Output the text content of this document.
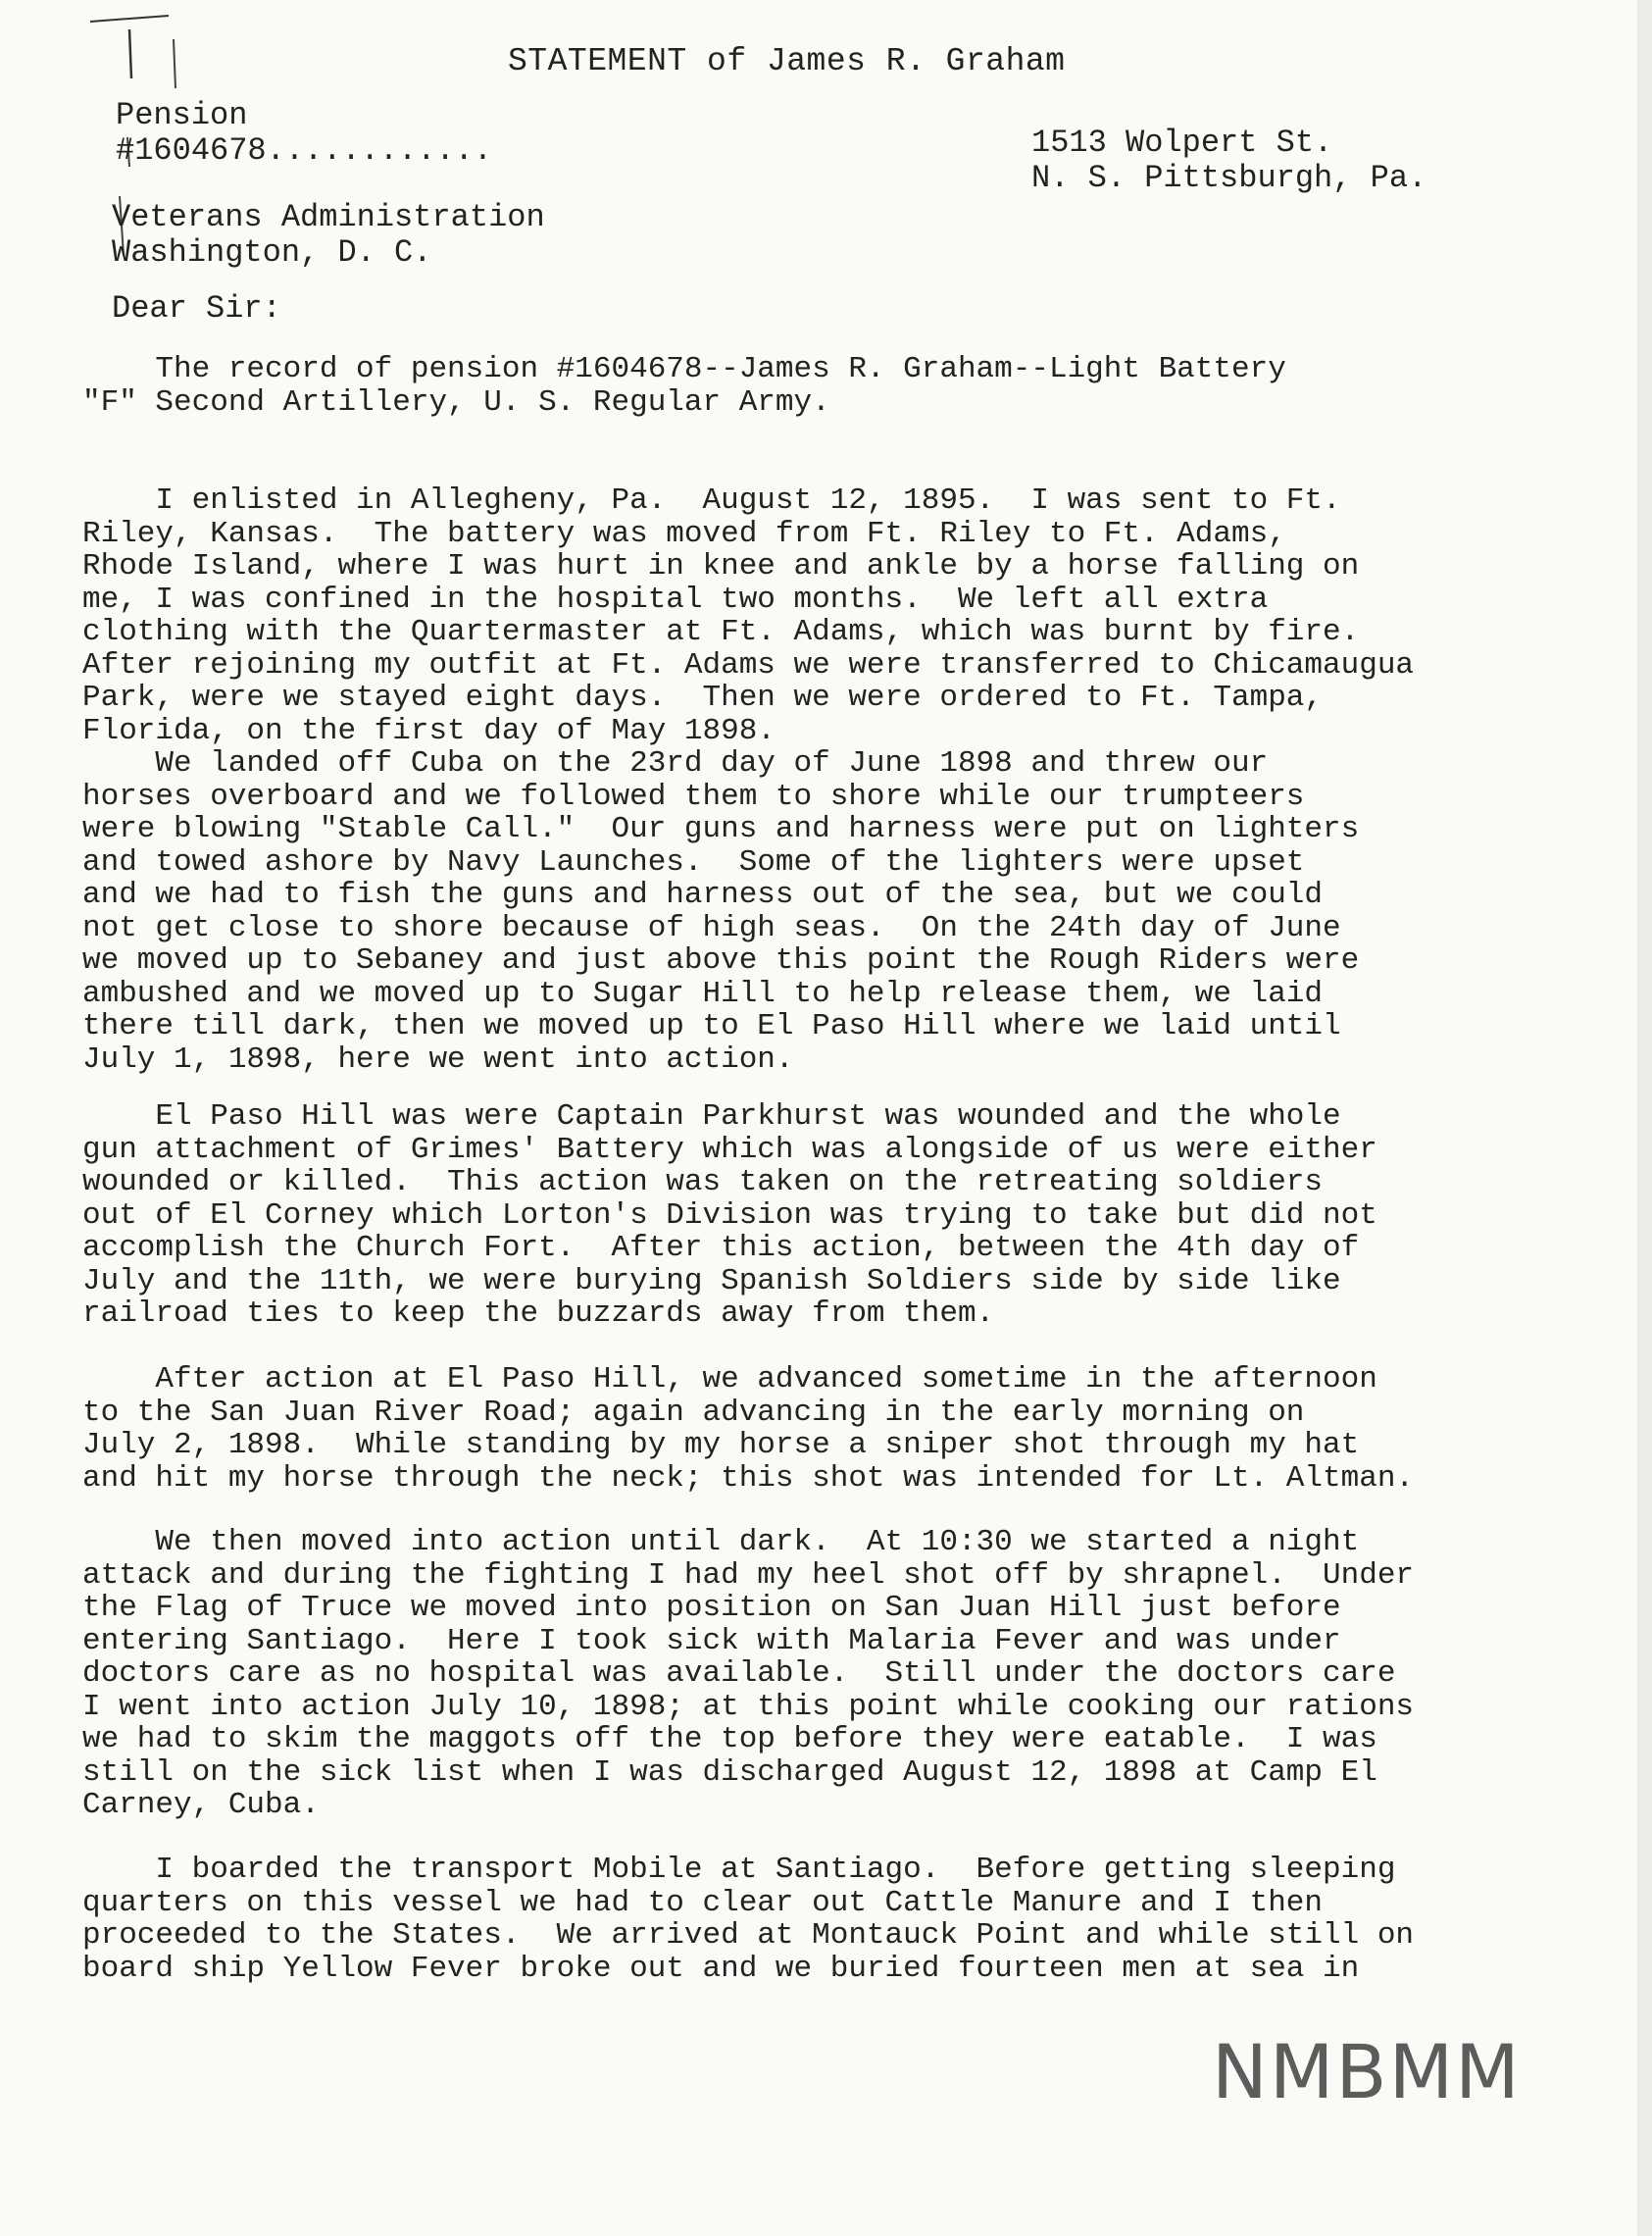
STATEMENT of James R. Graham
Pension
#1604678............	1513 Wolpert St.
N. S. Pittsburgh, Pa.
Veterans Administration
Washington, D. C.
Dear Sir:
The record of pension #1604678--James R. Graham--Light Battery
"F" Second Artillery, U. S. Regular Army.
I enlisted in Allegheny, Pa.  August 12, 1895.  I was sent to Ft.
Riley, Kansas.  The battery was moved from Ft. Riley to Ft. Adams,
Rhode Island, where I was hurt in knee and ankle by a horse falling on
me, I was confined in the hospital two months.  We left all extra
clothing with the Quartermaster at Ft. Adams, which was burnt by fire.
After rejoining my outfit at Ft. Adams we were transferred to Chicamaugua
Park, were we stayed eight days.  Then we were ordered to Ft. Tampa,
Florida, on the first day of May 1898.
We landed off Cuba on the 23rd day of June 1898 and threw our
horses overboard and we followed them to shore while our trumpteers
were blowing "Stable Call."  Our guns and harness were put on lighters
and towed ashore by Navy Launches.  Some of the lighters were upset
and we had to fish the guns and harness out of the sea, but we could
not get close to shore because of high seas.  On the 24th day of June
we moved up to Sebaney and just above this point the Rough Riders were
ambushed and we moved up to Sugar Hill to help release them, we laid
there till dark, then we moved up to El Paso Hill where we laid until
July 1, 1898, here we went into action.
El Paso Hill was were Captain Parkhurst was wounded and the whole
gun attachment of Grimes' Battery which was alongside of us were either
wounded or killed.  This action was taken on the retreating soldiers
out of El Corney which Lorton's Division was trying to take but did not
accomplish the Church Fort.  After this action, between the 4th day of
July and the 11th, we were burying Spanish Soldiers side by side like
railroad ties to keep the buzzards away from them.
After action at El Paso Hill, we advanced sometime in the afternoon
to the San Juan River Road; again advancing in the early morning on
July 2, 1898.  While standing by my horse a sniper shot through my hat
and hit my horse through the neck; this shot was intended for Lt. Altman.
We then moved into action until dark.  At 10:30 we started a night
attack and during the fighting I had my heel shot off by shrapnel.  Under
the Flag of Truce we moved into position on San Juan Hill just before
entering Santiago.  Here I took sick with Malaria Fever and was under
doctors care as no hospital was available.  Still under the doctors care
I went into action July 10, 1898; at this point while cooking our rations
we had to skim the maggots off the top before they were eatable.  I was
still on the sick list when I was discharged August 12, 1898 at Camp El
Carney, Cuba.
I boarded the transport Mobile at Santiago.  Before getting sleeping
quarters on this vessel we had to clear out Cattle Manure and I then
proceeded to the States.  We arrived at Montauck Point and while still on
board ship Yellow Fever broke out and we buried fourteen men at sea in
NMBMM
